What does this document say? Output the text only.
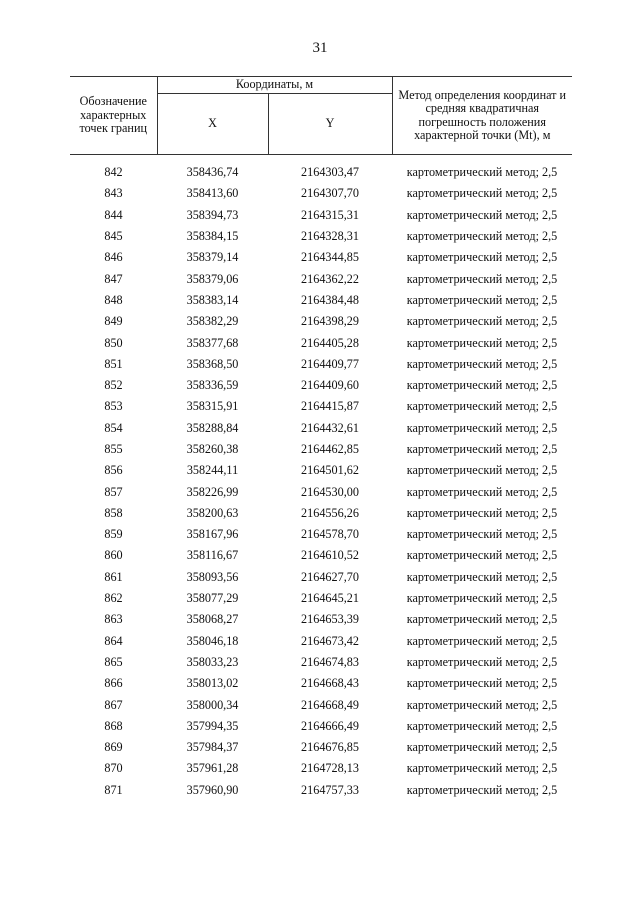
31
Обозначение характерных точек границ	Координаты, м		Метод определения координат и средняя квадратичная погрешность положения характерной точки (Mt), м
	X	Y	

842	358436,74	2164303,47	картометрический метод; 2,5
843	358413,60	2164307,70	картометрический метод; 2,5
844	358394,73	2164315,31	картометрический метод; 2,5
845	358384,15	2164328,31	картометрический метод; 2,5
846	358379,14	2164344,85	картометрический метод; 2,5
847	358379,06	2164362,22	картометрический метод; 2,5
848	358383,14	2164384,48	картометрический метод; 2,5
849	358382,29	2164398,29	картометрический метод; 2,5
850	358377,68	2164405,28	картометрический метод; 2,5
851	358368,50	2164409,77	картометрический метод; 2,5
852	358336,59	2164409,60	картометрический метод; 2,5
853	358315,91	2164415,87	картометрический метод; 2,5
854	358288,84	2164432,61	картометрический метод; 2,5
855	358260,38	2164462,85	картометрический метод; 2,5
856	358244,11	2164501,62	картометрический метод; 2,5
857	358226,99	2164530,00	картометрический метод; 2,5
858	358200,63	2164556,26	картометрический метод; 2,5
859	358167,96	2164578,70	картометрический метод; 2,5
860	358116,67	2164610,52	картометрический метод; 2,5
861	358093,56	2164627,70	картометрический метод; 2,5
862	358077,29	2164645,21	картометрический метод; 2,5
863	358068,27	2164653,39	картометрический метод; 2,5
864	358046,18	2164673,42	картометрический метод; 2,5
865	358033,23	2164674,83	картометрический метод; 2,5
866	358013,02	2164668,43	картометрический метод; 2,5
867	358000,34	2164668,49	картометрический метод; 2,5
868	357994,35	2164666,49	картометрический метод; 2,5
869	357984,37	2164676,85	картометрический метод; 2,5
870	357961,28	2164728,13	картометрический метод; 2,5
871	357960,90	2164757,33	картометрический метод; 2,5
